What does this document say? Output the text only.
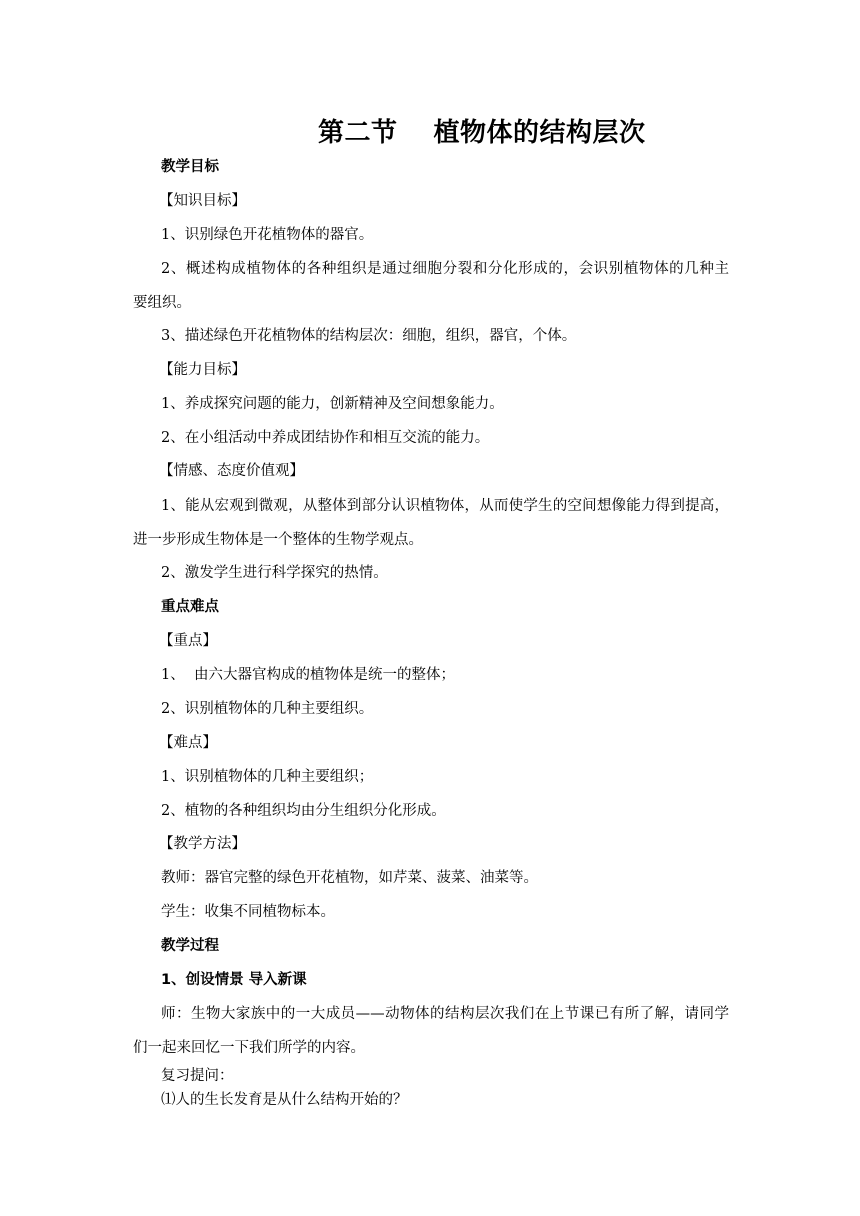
第二节　 植物体的结构层次
教学目标
【知识目标】
1、识别绿色开花植物体的器官。
2、概述构成植物体的各种组织是通过细胞分裂和分化形成的，会识别植物体的几种主
要组织。
3、描述绿色开花植物体的结构层次：细胞，组织，器官，个体。
【能力目标】
1、养成探究问题的能力，创新精神及空间想象能力。
2、在小组活动中养成团结协作和相互交流的能力。
【情感、态度价值观】
1、能从宏观到微观，从整体到部分认识植物体，从而使学生的空间想像能力得到提高，
进一步形成生物体是一个整体的生物学观点。
2、激发学生进行科学探究的热情。
重点难点
【重点】
1、  由六大器官构成的植物体是统一的整体；
2、识别植物体的几种主要组织。
【难点】
1、识别植物体的几种主要组织；
2、植物的各种组织均由分生组织分化形成。
【教学方法】
教师：器官完整的绿色开花植物，如芹菜、菠菜、油菜等。
学生：收集不同植物标本。
教学过程
1、创设情景 导入新课
师：生物大家族中的一大成员——动物体的结构层次我们在上节课已有所了解，请同学
们一起来回忆一下我们所学的内容。
复习提问：
⑴人的生长发育是从什么结构开始的？
